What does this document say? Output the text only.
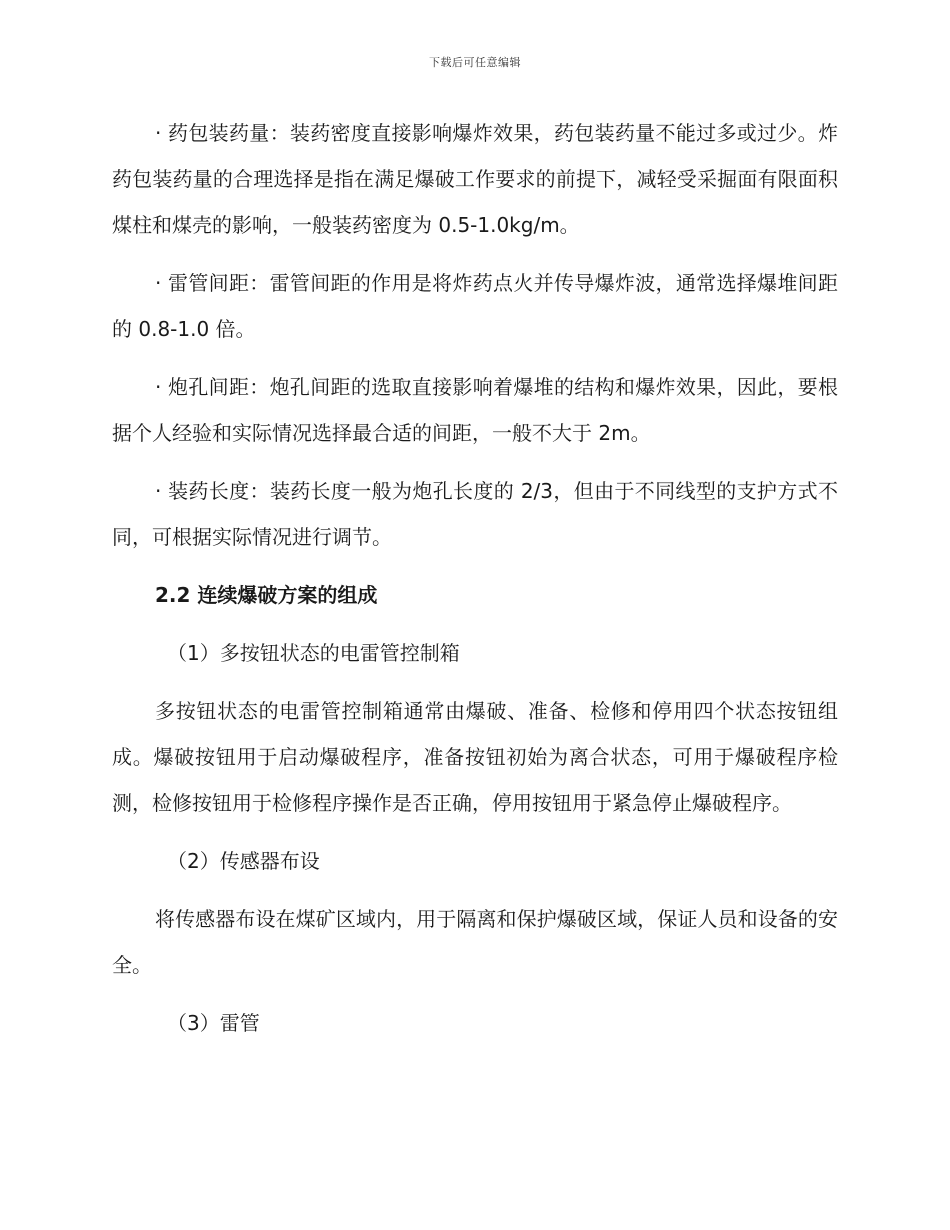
下载后可任意编辑

· 药包装药量：装药密度直接影响爆炸效果，药包装药量不能过多或过少。炸药包装药量的合理选择是指在满足爆破工作要求的前提下，减轻受采掘面有限面积煤柱和煤壳的影响，一般装药密度为 0.5-1.0kg/m。

· 雷管间距：雷管间距的作用是将炸药点火并传导爆炸波，通常选择爆堆间距的 0.8-1.0 倍。

· 炮孔间距：炮孔间距的选取直接影响着爆堆的结构和爆炸效果，因此，要根据个人经验和实际情况选择最合适的间距，一般不大于 2m。

· 装药长度：装药长度一般为炮孔长度的 2/3，但由于不同线型的支护方式不同，可根据实际情况进行调节。

2.2 连续爆破方案的组成

（1）多按钮状态的电雷管控制箱

多按钮状态的电雷管控制箱通常由爆破、准备、检修和停用四个状态按钮组成。爆破按钮用于启动爆破程序，准备按钮初始为离合状态，可用于爆破程序检测，检修按钮用于检修程序操作是否正确，停用按钮用于紧急停止爆破程序。

（2）传感器布设

将传感器布设在煤矿区域内，用于隔离和保护爆破区域，保证人员和设备的安全。

（3）雷管
